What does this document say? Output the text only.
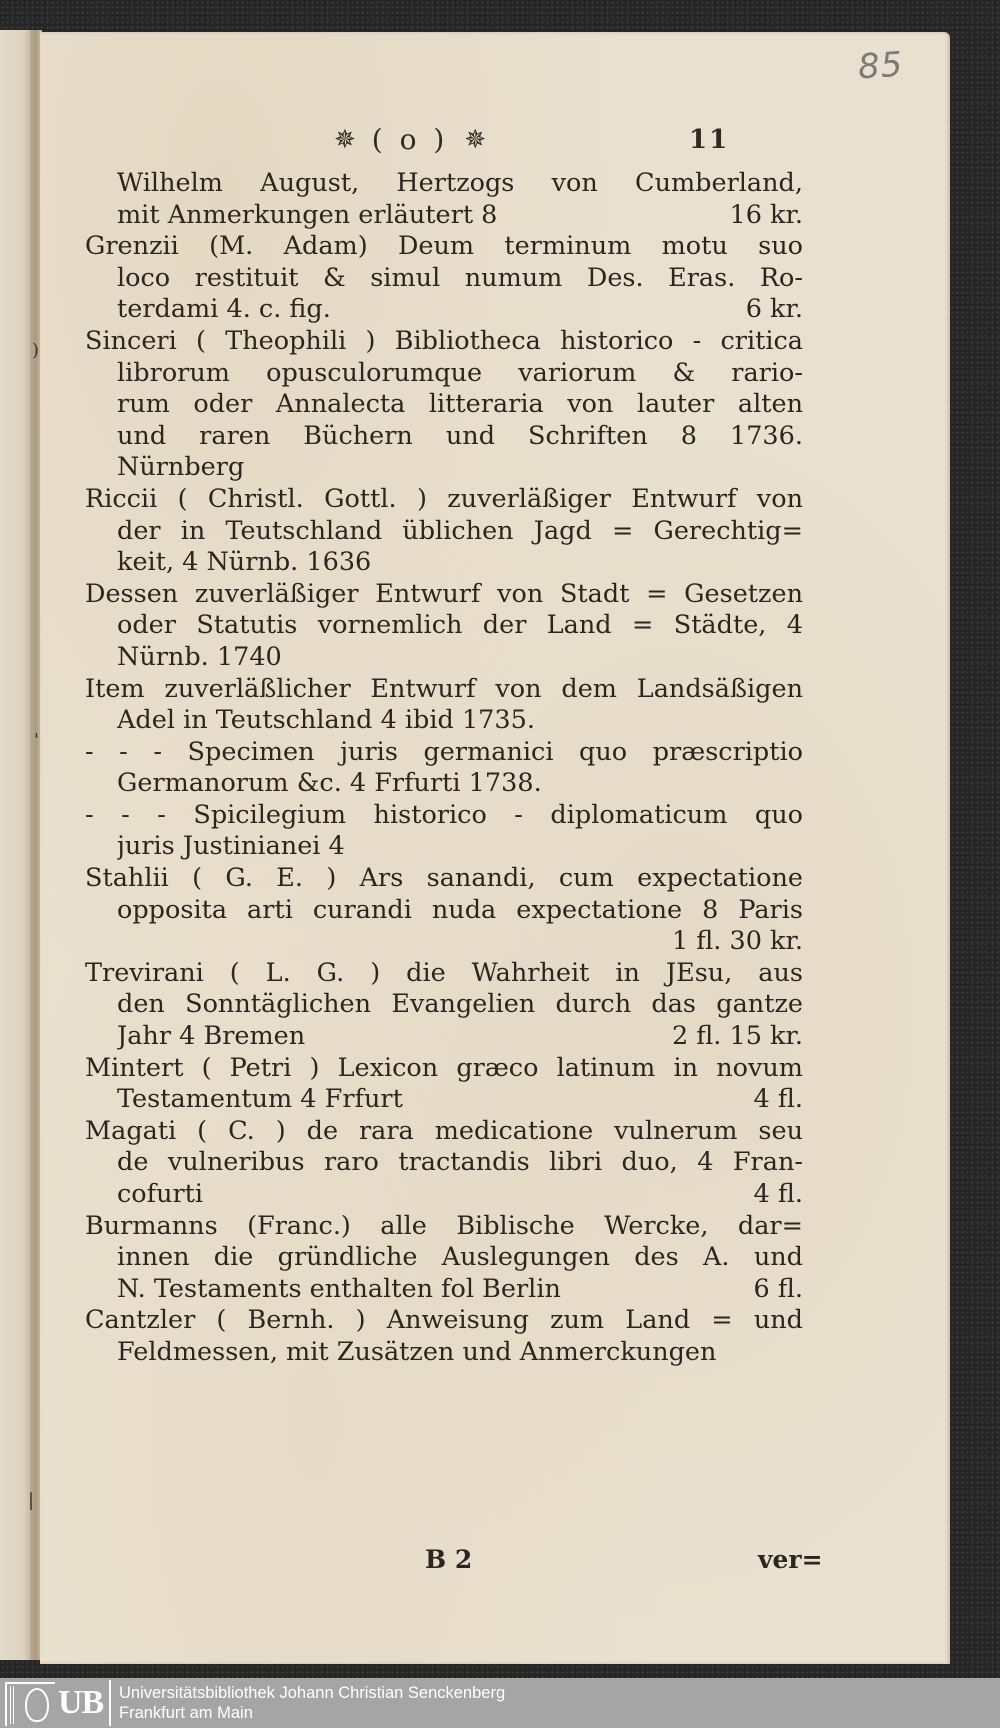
)
'
|
85
✵ ( o ) ✵	11
Wilhelm August, Hertzogs von Cumberland,
mit Anmerkungen erläutert 8	16 kr.
Grenzii (M. Adam) Deum terminum motu suo
loco restituit & simul numum Des. Eras. Ro-
terdami 4. c. fig.	6 kr.
Sinceri ( Theophili ) Bibliotheca historico - critica
librorum opusculorumque variorum & rario-
rum oder Annalecta litteraria von lauter alten
und raren Büchern und Schriften 8 1736.
Nürnberg
Riccii ( Christl. Gottl. ) zuverläßiger Entwurf von
der in Teutschland üblichen Jagd = Gerechtig=
keit, 4 Nürnb. 1636
Dessen zuverläßiger Entwurf von Stadt = Gesetzen
oder Statutis vornemlich der Land = Städte, 4
Nürnb. 1740
Item zuverläßlicher Entwurf von dem Landsäßigen
Adel in Teutschland 4 ibid 1735.
- - - Specimen juris germanici quo præscriptio
Germanorum &c. 4 Frfurti 1738.
- - - Spicilegium historico - diplomaticum quo
juris Justinianei 4
Stahlii ( G. E. ) Ars sanandi, cum expectatione
opposita arti curandi nuda expectatione 8 Paris
1 fl. 30 kr.
Trevirani ( L. G. ) die Wahrheit in JEsu, aus
den Sonntäglichen Evangelien durch das gantze
Jahr 4 Bremen	2 fl. 15 kr.
Mintert ( Petri ) Lexicon græco latinum in novum
Testamentum 4 Frfurt	4 fl.
Magati ( C. ) de rara medicatione vulnerum seu
de vulneribus raro tractandis libri duo, 4 Fran-
cofurti	4 fl.
Burmanns (Franc.) alle Biblische Wercke, dar=
innen die gründliche Auslegungen des A. und
N. Testaments enthalten fol Berlin	6 fl.
Cantzler ( Bernh. ) Anweisung zum Land = und
Feldmessen, mit Zusätzen und Anmerckungen
B 2	ver=
UB Universitätsbibliothek Johann Christian Senckenberg
Frankfurt am Main
